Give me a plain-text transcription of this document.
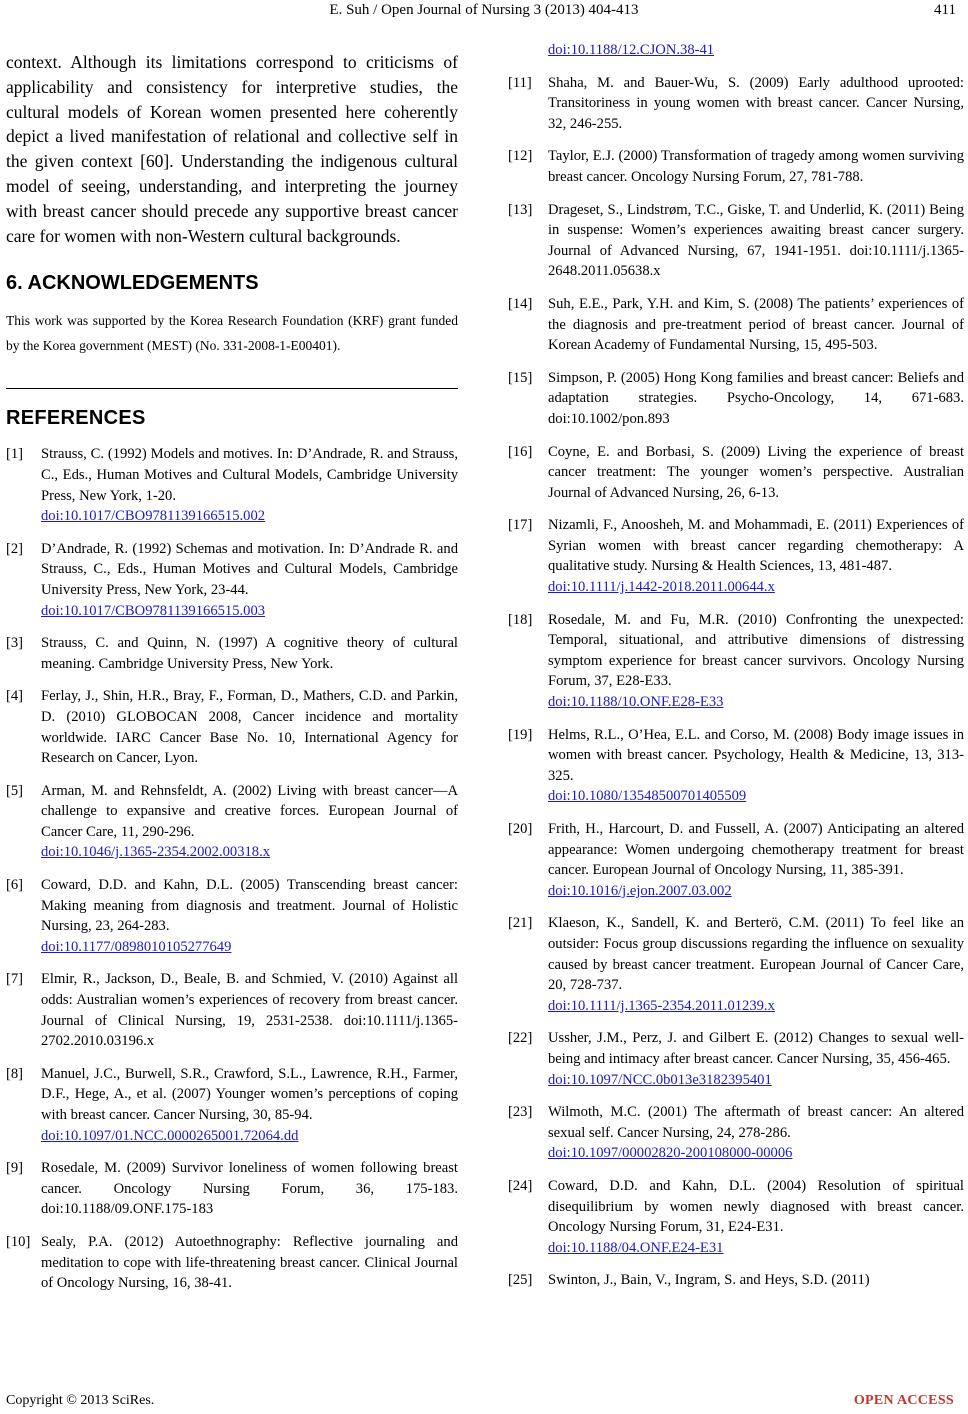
E. Suh / Open Journal of Nursing 3 (2013) 404-413	411

context. Although its limitations correspond to criticisms of applicability and consistency for interpretive studies, the cultural models of Korean women presented here coherently depict a lived manifestation of relational and collective self in the given context [60]. Understanding the indigenous cultural model of seeing, understanding, and interpreting the journey with breast cancer should precede any supportive breast cancer care for women with non-Western cultural backgrounds.

6. ACKNOWLEDGEMENTS

This work was supported by the Korea Research Foundation (KRF) grant funded by the Korea government (MEST) (No. 331-2008-1-E00401).

REFERENCES
[1] Strauss, C. (1992) Models and motives. In: D’Andrade, R. and Strauss, C., Eds., Human Motives and Cultural Models, Cambridge University Press, New York, 1-20.
doi:10.1017/CBO9781139166515.002
[2] D’Andrade, R. (1992) Schemas and motivation. In: D’Andrade R. and Strauss, C., Eds., Human Motives and Cultural Models, Cambridge University Press, New York, 23-44.
doi:10.1017/CBO9781139166515.003
[3] Strauss, C. and Quinn, N. (1997) A cognitive theory of cultural meaning. Cambridge University Press, New York.
[4] Ferlay, J., Shin, H.R., Bray, F., Forman, D., Mathers, C.D. and Parkin, D. (2010) GLOBOCAN 2008, Cancer incidence and mortality worldwide. IARC Cancer Base No. 10, International Agency for Research on Cancer, Lyon.
[5] Arman, M. and Rehnsfeldt, A. (2002) Living with breast cancer—A challenge to expansive and creative forces. European Journal of Cancer Care, 11, 290-296.
doi:10.1046/j.1365-2354.2002.00318.x
[6] Coward, D.D. and Kahn, D.L. (2005) Transcending breast cancer: Making meaning from diagnosis and treatment. Journal of Holistic Nursing, 23, 264-283.
doi:10.1177/0898010105277649
[7] Elmir, R., Jackson, D., Beale, B. and Schmied, V. (2010) Against all odds: Australian women’s experiences of recovery from breast cancer. Journal of Clinical Nursing, 19, 2531-2538. doi:10.1111/j.1365-2702.2010.03196.x
[8] Manuel, J.C., Burwell, S.R., Crawford, S.L., Lawrence, R.H., Farmer, D.F., Hege, A., et al. (2007) Younger women’s perceptions of coping with breast cancer. Cancer Nursing, 30, 85-94.
doi:10.1097/01.NCC.0000265001.72064.dd
[9] Rosedale, M. (2009) Survivor loneliness of women following breast cancer. Oncology Nursing Forum, 36, 175-183. doi:10.1188/09.ONF.175-183
[10] Sealy, P.A. (2012) Autoethnography: Reflective journaling and meditation to cope with life-threatening breast cancer. Clinical Journal of Oncology Nursing, 16, 38-41.
doi:10.1188/12.CJON.38-41
[11] Shaha, M. and Bauer-Wu, S. (2009) Early adulthood uprooted: Transitoriness in young women with breast cancer. Cancer Nursing, 32, 246-255.
[12] Taylor, E.J. (2000) Transformation of tragedy among women surviving breast cancer. Oncology Nursing Forum, 27, 781-788.
[13] Drageset, S., Lindstrøm, T.C., Giske, T. and Underlid, K. (2011) Being in suspense: Women’s experiences awaiting breast cancer surgery. Journal of Advanced Nursing, 67, 1941-1951. doi:10.1111/j.1365-2648.2011.05638.x
[14] Suh, E.E., Park, Y.H. and Kim, S. (2008) The patients’ experiences of the diagnosis and pre-treatment period of breast cancer. Journal of Korean Academy of Fundamental Nursing, 15, 495-503.
[15] Simpson, P. (2005) Hong Kong families and breast cancer: Beliefs and adaptation strategies. Psycho-Oncology, 14, 671-683. doi:10.1002/pon.893
[16] Coyne, E. and Borbasi, S. (2009) Living the experience of breast cancer treatment: The younger women’s perspective. Australian Journal of Advanced Nursing, 26, 6-13.
[17] Nizamli, F., Anoosheh, M. and Mohammadi, E. (2011) Experiences of Syrian women with breast cancer regarding chemotherapy: A qualitative study. Nursing & Health Sciences, 13, 481-487.
doi:10.1111/j.1442-2018.2011.00644.x
[18] Rosedale, M. and Fu, M.R. (2010) Confronting the unexpected: Temporal, situational, and attributive dimensions of distressing symptom experience for breast cancer survivors. Oncology Nursing Forum, 37, E28-E33.
doi:10.1188/10.ONF.E28-E33
[19] Helms, R.L., O’Hea, E.L. and Corso, M. (2008) Body image issues in women with breast cancer. Psychology, Health & Medicine, 13, 313-325.
doi:10.1080/13548500701405509
[20] Frith, H., Harcourt, D. and Fussell, A. (2007) Anticipating an altered appearance: Women undergoing chemotherapy treatment for breast cancer. European Journal of Oncology Nursing, 11, 385-391.
doi:10.1016/j.ejon.2007.03.002
[21] Klaeson, K., Sandell, K. and Berterö, C.M. (2011) To feel like an outsider: Focus group discussions regarding the influence on sexuality caused by breast cancer treatment. European Journal of Cancer Care, 20, 728-737.
doi:10.1111/j.1365-2354.2011.01239.x
[22] Ussher, J.M., Perz, J. and Gilbert E. (2012) Changes to sexual well-being and intimacy after breast cancer. Cancer Nursing, 35, 456-465.
doi:10.1097/NCC.0b013e3182395401
[23] Wilmoth, M.C. (2001) The aftermath of breast cancer: An altered sexual self. Cancer Nursing, 24, 278-286.
doi:10.1097/00002820-200108000-00006
[24] Coward, D.D. and Kahn, D.L. (2004) Resolution of spiritual disequilibrium by women newly diagnosed with breast cancer. Oncology Nursing Forum, 31, E24-E31.
doi:10.1188/04.ONF.E24-E31
[25] Swinton, J., Bain, V., Ingram, S. and Heys, S.D. (2011)
Copyright © 2013 SciRes.	OPEN ACCESS
